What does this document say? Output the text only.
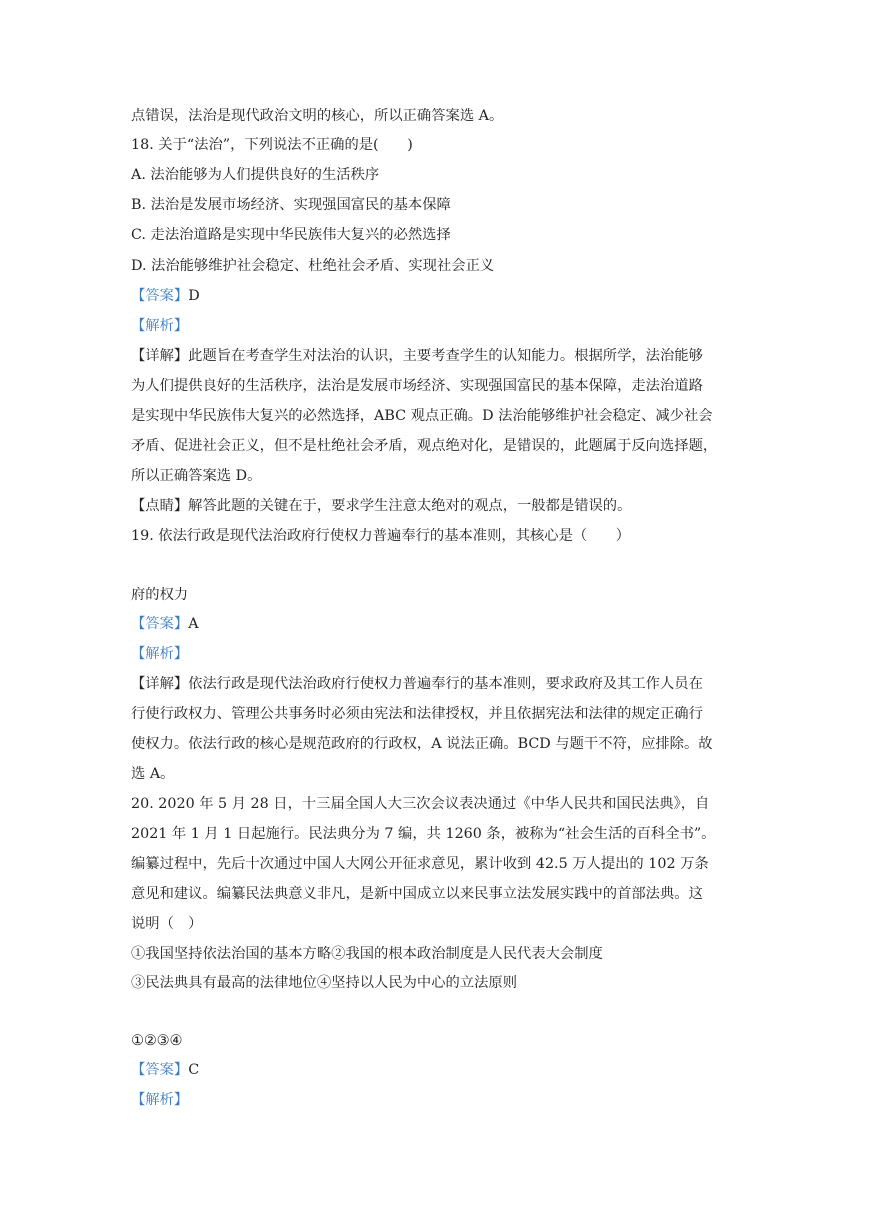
点错误，法治是现代政治文明的核心，所以正确答案选 A。
18. 关于“法治”，下列说法不正确的是(　　)
A. 法治能够为人们提供良好的生活秩序
B. 法治是发展市场经济、实现强国富民的基本保障
C. 走法治道路是实现中华民族伟大复兴的必然选择
D. 法治能够维护社会稳定、杜绝社会矛盾、实现社会正义
【答案】D
【解析】
【详解】此题旨在考查学生对法治的认识，主要考查学生的认知能力。根据所学，法治能够
为人们提供良好的生活秩序，法治是发展市场经济、实现强国富民的基本保障，走法治道路
是实现中华民族伟大复兴的必然选择，ABC 观点正确。D 法治能够维护社会稳定、减少社会
矛盾、促进社会正义，但不是杜绝社会矛盾，观点绝对化，是错误的，此题属于反向选择题，
所以正确答案选 D。
【点睛】解答此题的关键在于，要求学生注意太绝对的观点，一般都是错误的。
19. 依法行政是现代法治政府行使权力普遍奉行的基本准则，其核心是（　　）
府的权力
【答案】A
【解析】
【详解】依法行政是现代法治政府行使权力普遍奉行的基本准则，要求政府及其工作人员在
行使行政权力、管理公共事务时必须由宪法和法律授权，并且依据宪法和法律的规定正确行
使权力。依法行政的核心是规范政府的行政权，A 说法正确。BCD 与题干不符，应排除。故
选 A。
20. 2020 年 5 月 28 日，十三届全国人大三次会议表决通过《中华人民共和国民法典》，自
2021 年 1 月 1 日起施行。民法典分为 7 编，共 1260 条，被称为“社会生活的百科全书”。
编纂过程中，先后十次通过中国人大网公开征求意见，累计收到 42.5 万人提出的 102 万条
意见和建议。编纂民法典意义非凡，是新中国成立以来民事立法发展实践中的首部法典。这
说明（　）
①我国坚持依法治国的基本方略②我国的根本政治制度是人民代表大会制度
③民法典具有最高的法律地位④坚持以人民为中心的立法原则
①②③④
【答案】C
【解析】
